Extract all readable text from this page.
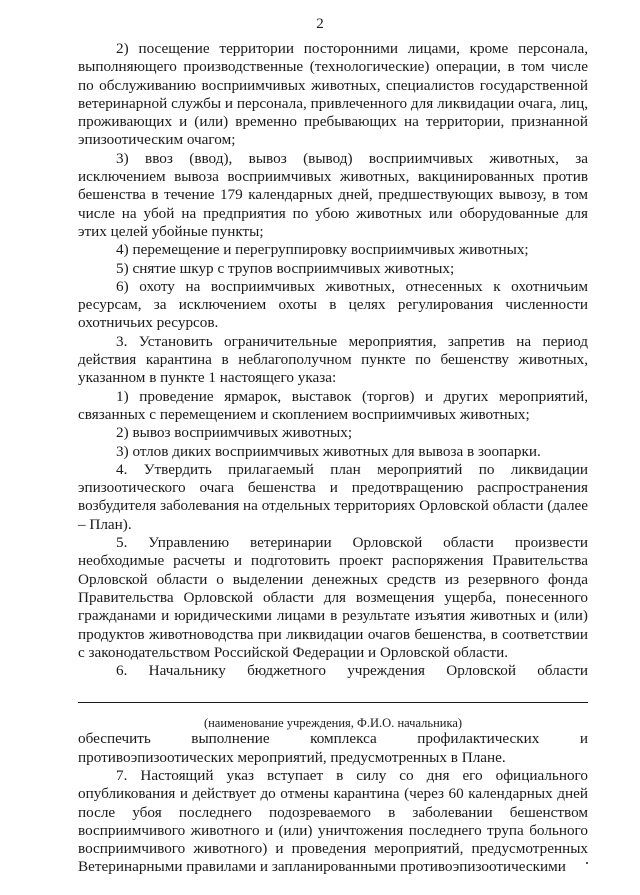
2

2) посещение территории посторонними лицами, кроме персонала, выполняющего производственные (технологические) операции, в том числе по обслуживанию восприимчивых животных, специалистов государственной ветеринарной службы и персонала, привлеченного для ликвидации очага, лиц, проживающих и (или) временно пребывающих на территории, признанной эпизоотическим очагом;

3) ввоз (ввод), вывоз (вывод) восприимчивых животных, за исключением вывоза восприимчивых животных, вакцинированных против бешенства в течение 179 календарных дней, предшествующих вывозу, в том числе на убой на предприятия по убою животных или оборудованные для этих целей убойные пункты;

4) перемещение и перегруппировку восприимчивых животных;

5) снятие шкур с трупов восприимчивых животных;

6) охоту на восприимчивых животных, отнесенных к охотничьим ресурсам, за исключением охоты в целях регулирования численности охотничьих ресурсов.

3. Установить ограничительные мероприятия, запретив на период действия карантина в неблагополучном пункте по бешенству животных, указанном в пункте 1 настоящего указа:

1) проведение ярмарок, выставок (торгов) и других мероприятий, связанных с перемещением и скоплением восприимчивых животных;

2) вывоз восприимчивых животных;

3) отлов диких восприимчивых животных для вывоза в зоопарки.

4. Утвердить прилагаемый план мероприятий по ликвидации эпизоотического очага бешенства и предотвращению распространения возбудителя заболевания на отдельных территориях Орловской области (далее – План).

5. Управлению ветеринарии Орловской области произвести необходимые расчеты и подготовить проект распоряжения Правительства Орловской области о выделении денежных средств из резервного фонда Правительства Орловской области для возмещения ущерба, понесенного гражданами и юридическими лицами в результате изъятия животных и (или) продуктов животноводства при ликвидации очагов бешенства, в соответствии с законодательством Российской Федерации и Орловской области.

6. Начальнику бюджетного учреждения Орловской области

(наименование учреждения, Ф.И.О. начальника)

обеспечить выполнение комплекса профилактических и противоэпизоотических мероприятий, предусмотренных в Плане.

7. Настоящий указ вступает в силу со дня его официального опубликования и действует до отмены карантина (через 60 календарных дней после убоя последнего подозреваемого в заболевании бешенством восприимчивого животного и (или) уничтожения последнего трупа больного восприимчивого животного) и проведения мероприятий, предусмотренных Ветеринарными правилами и запланированными противоэпизоотическими
